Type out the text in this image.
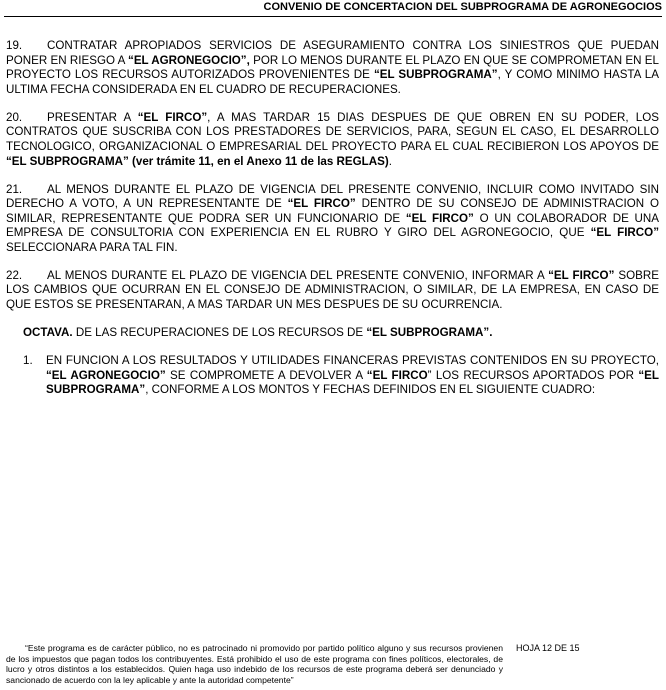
CONVENIO DE CONCERTACION DEL SUBPROGRAMA DE AGRONEGOCIOS
19. CONTRATAR APROPIADOS SERVICIOS DE ASEGURAMIENTO CONTRA LOS SINIESTROS QUE PUEDAN PONER EN RIESGO A “EL AGRONEGOCIO”, POR LO MENOS DURANTE EL PLAZO EN QUE SE COMPROMETAN EN EL PROYECTO LOS RECURSOS AUTORIZADOS PROVENIENTES DE “EL SUBPROGRAMA”, Y COMO MINIMO HASTA LA ULTIMA FECHA CONSIDERADA EN EL CUADRO DE RECUPERACIONES.
20. PRESENTAR A “EL FIRCO”, A MAS TARDAR 15 DIAS DESPUES DE QUE OBREN EN SU PODER, LOS CONTRATOS QUE SUSCRIBA CON LOS PRESTADORES DE SERVICIOS, PARA, SEGUN EL CASO, EL DESARROLLO TECNOLOGICO, ORGANIZACIONAL O EMPRESARIAL DEL PROYECTO PARA EL CUAL RECIBIERON LOS APOYOS DE “EL SUBPROGRAMA” (ver trámite 11, en el Anexo 11 de las REGLAS).
21. AL MENOS DURANTE EL PLAZO DE VIGENCIA DEL PRESENTE CONVENIO, INCLUIR COMO INVITADO SIN DERECHO A VOTO, A UN REPRESENTANTE DE “EL FIRCO” DENTRO DE SU CONSEJO DE ADMINISTRACION O SIMILAR, REPRESENTANTE QUE PODRA SER UN FUNCIONARIO DE “EL FIRCO” O UN COLABORADOR DE UNA EMPRESA DE CONSULTORIA CON EXPERIENCIA EN EL RUBRO Y GIRO DEL AGRONEGOCIO, QUE “EL FIRCO” SELECCIONARA PARA TAL FIN.
22. AL MENOS DURANTE EL PLAZO DE VIGENCIA DEL PRESENTE CONVENIO, INFORMAR A “EL FIRCO” SOBRE LOS CAMBIOS QUE OCURRAN EN EL CONSEJO DE ADMINISTRACION, O SIMILAR, DE LA EMPRESA, EN CASO DE QUE ESTOS SE PRESENTARAN, A MAS TARDAR UN MES DESPUES DE SU OCURRENCIA.
OCTAVA. DE LAS RECUPERACIONES DE LOS RECURSOS DE “EL SUBPROGRAMA”.
1.	EN FUNCION A LOS RESULTADOS Y UTILIDADES FINANCERAS PREVISTAS CONTENIDOS EN SU PROYECTO, “EL AGRONEGOCIO” SE COMPROMETE A DEVOLVER A “EL FIRCO” LOS RECURSOS APORTADOS POR “EL SUBPROGRAMA”, CONFORME A LOS MONTOS Y FECHAS DEFINIDOS EN EL SIGUIENTE CUADRO:
“Este programa es de carácter público, no es patrocinado ni promovido por partido político alguno y sus recursos provienen de los impuestos que pagan todos los contribuyentes. Está prohibido el uso de este programa con fines políticos, electorales, de lucro y otros distintos a los establecidos. Quien haga uso indebido de los recursos de este programa deberá ser denunciado y sancionado de acuerdo con la ley aplicable y ante la autoridad competente”
HOJA 12 DE 15
